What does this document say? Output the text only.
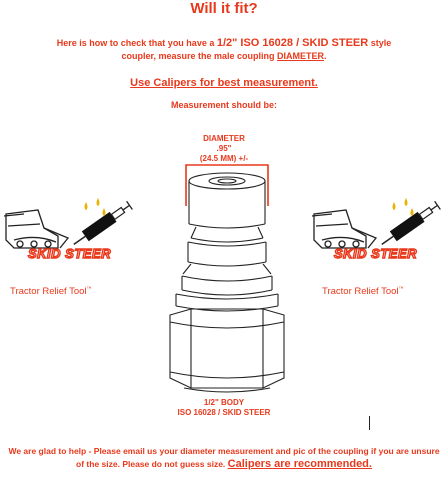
Will it fit?
Here is how to check that you have a 1/2" ISO 16028 / SKID STEER style
coupler, measure the male coupling DIAMETER.
Use Calipers for best measurement.
Measurement should be:
DIAMETER
.95"
(24.5 MM) +/-
1/2" BODY
ISO 16028 / SKID STEER
SKID STEER
Tractor Relief Tool™
SKID STEER
Tractor Relief Tool™
We are glad to help - Please email us your diameter measurement and pic of the coupling if you are unsure of the size. Please do not guess size. Calipers are recommended.
